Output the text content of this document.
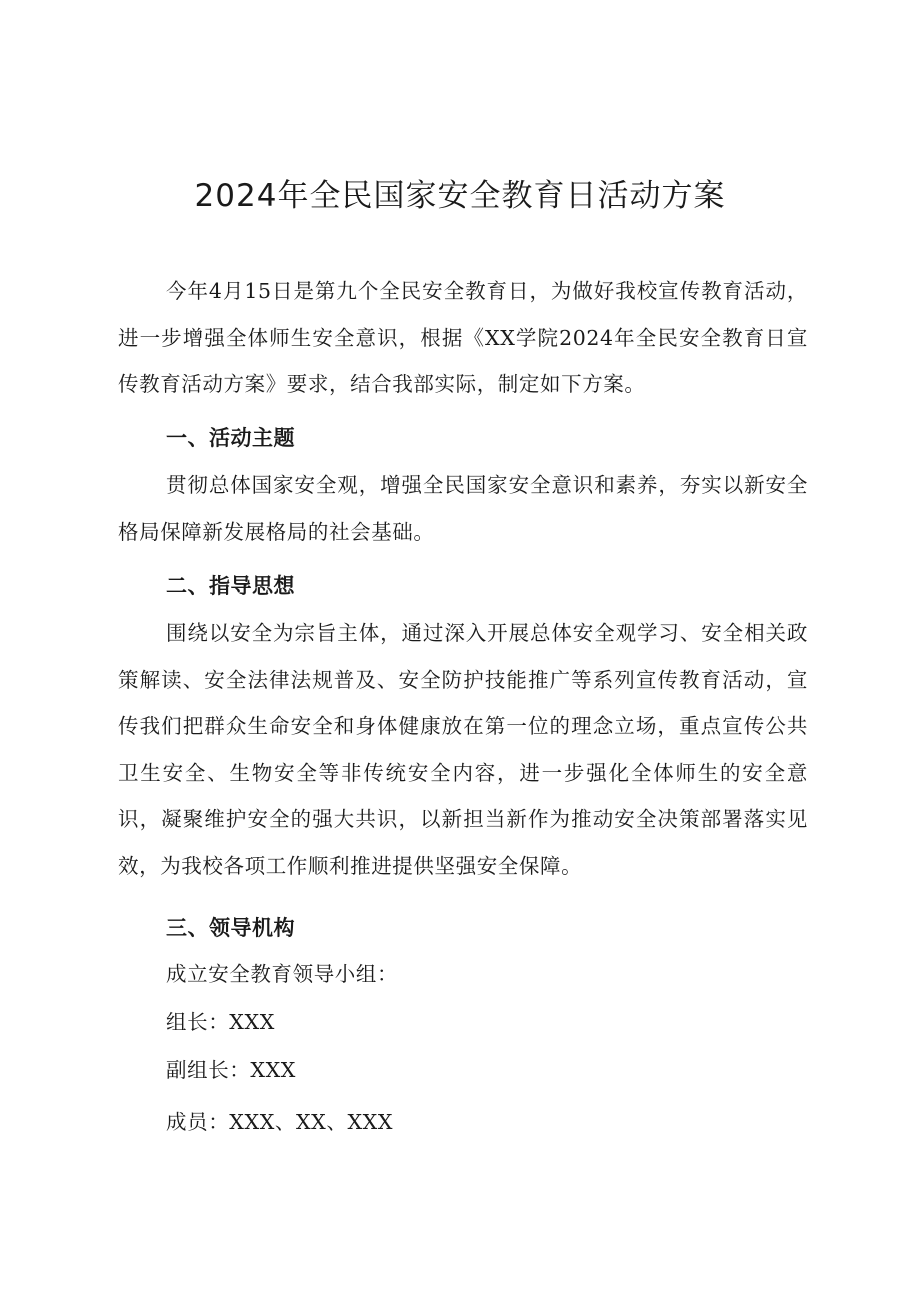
2024年全民国家安全教育日活动方案

今年4月15日是第九个全民安全教育日，为做好我校宣传教育活动，进一步增强全体师生安全意识，根据《XX学院2024年全民安全教育日宣传教育活动方案》要求，结合我部实际，制定如下方案。

一、活动主题

贯彻总体国家安全观，增强全民国家安全意识和素养，夯实以新安全格局保障新发展格局的社会基础。

二、指导思想

围绕以安全为宗旨主体，通过深入开展总体安全观学习、安全相关政策解读、安全法律法规普及、安全防护技能推广等系列宣传教育活动，宣传我们把群众生命安全和身体健康放在第一位的理念立场，重点宣传公共卫生安全、生物安全等非传统安全内容，进一步强化全体师生的安全意识，凝聚维护安全的强大共识，以新担当新作为推动安全决策部署落实见效，为我校各项工作顺利推进提供坚强安全保障。

三、领导机构

成立安全教育领导小组：

组长：XXX

副组长：XXX

成员：XXX、XX、XXX
